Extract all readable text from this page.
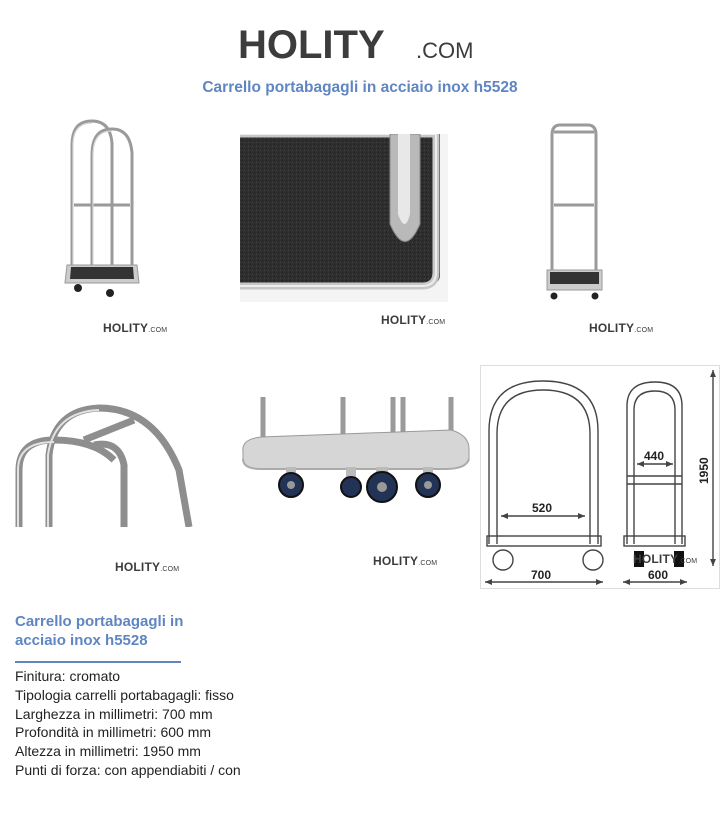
HOLITY .COM
Carrello portabagagli in acciaio inox h5528
HOLITY.COM
HOLITY.COM	HOLITY.COM
HOLITY.COM
HOLITY.COM
520
440
700	600
1950
HOLITY.COM
Carrello portabagagli in
acciaio inox h5528
Finitura: cromato
Tipologia carrelli portabagagli: fisso
Larghezza in millimetri: 700 mm
Profondità in millimetri: 600 mm
Altezza in millimetri: 1950 mm
Punti di forza: con appendiabiti / con
